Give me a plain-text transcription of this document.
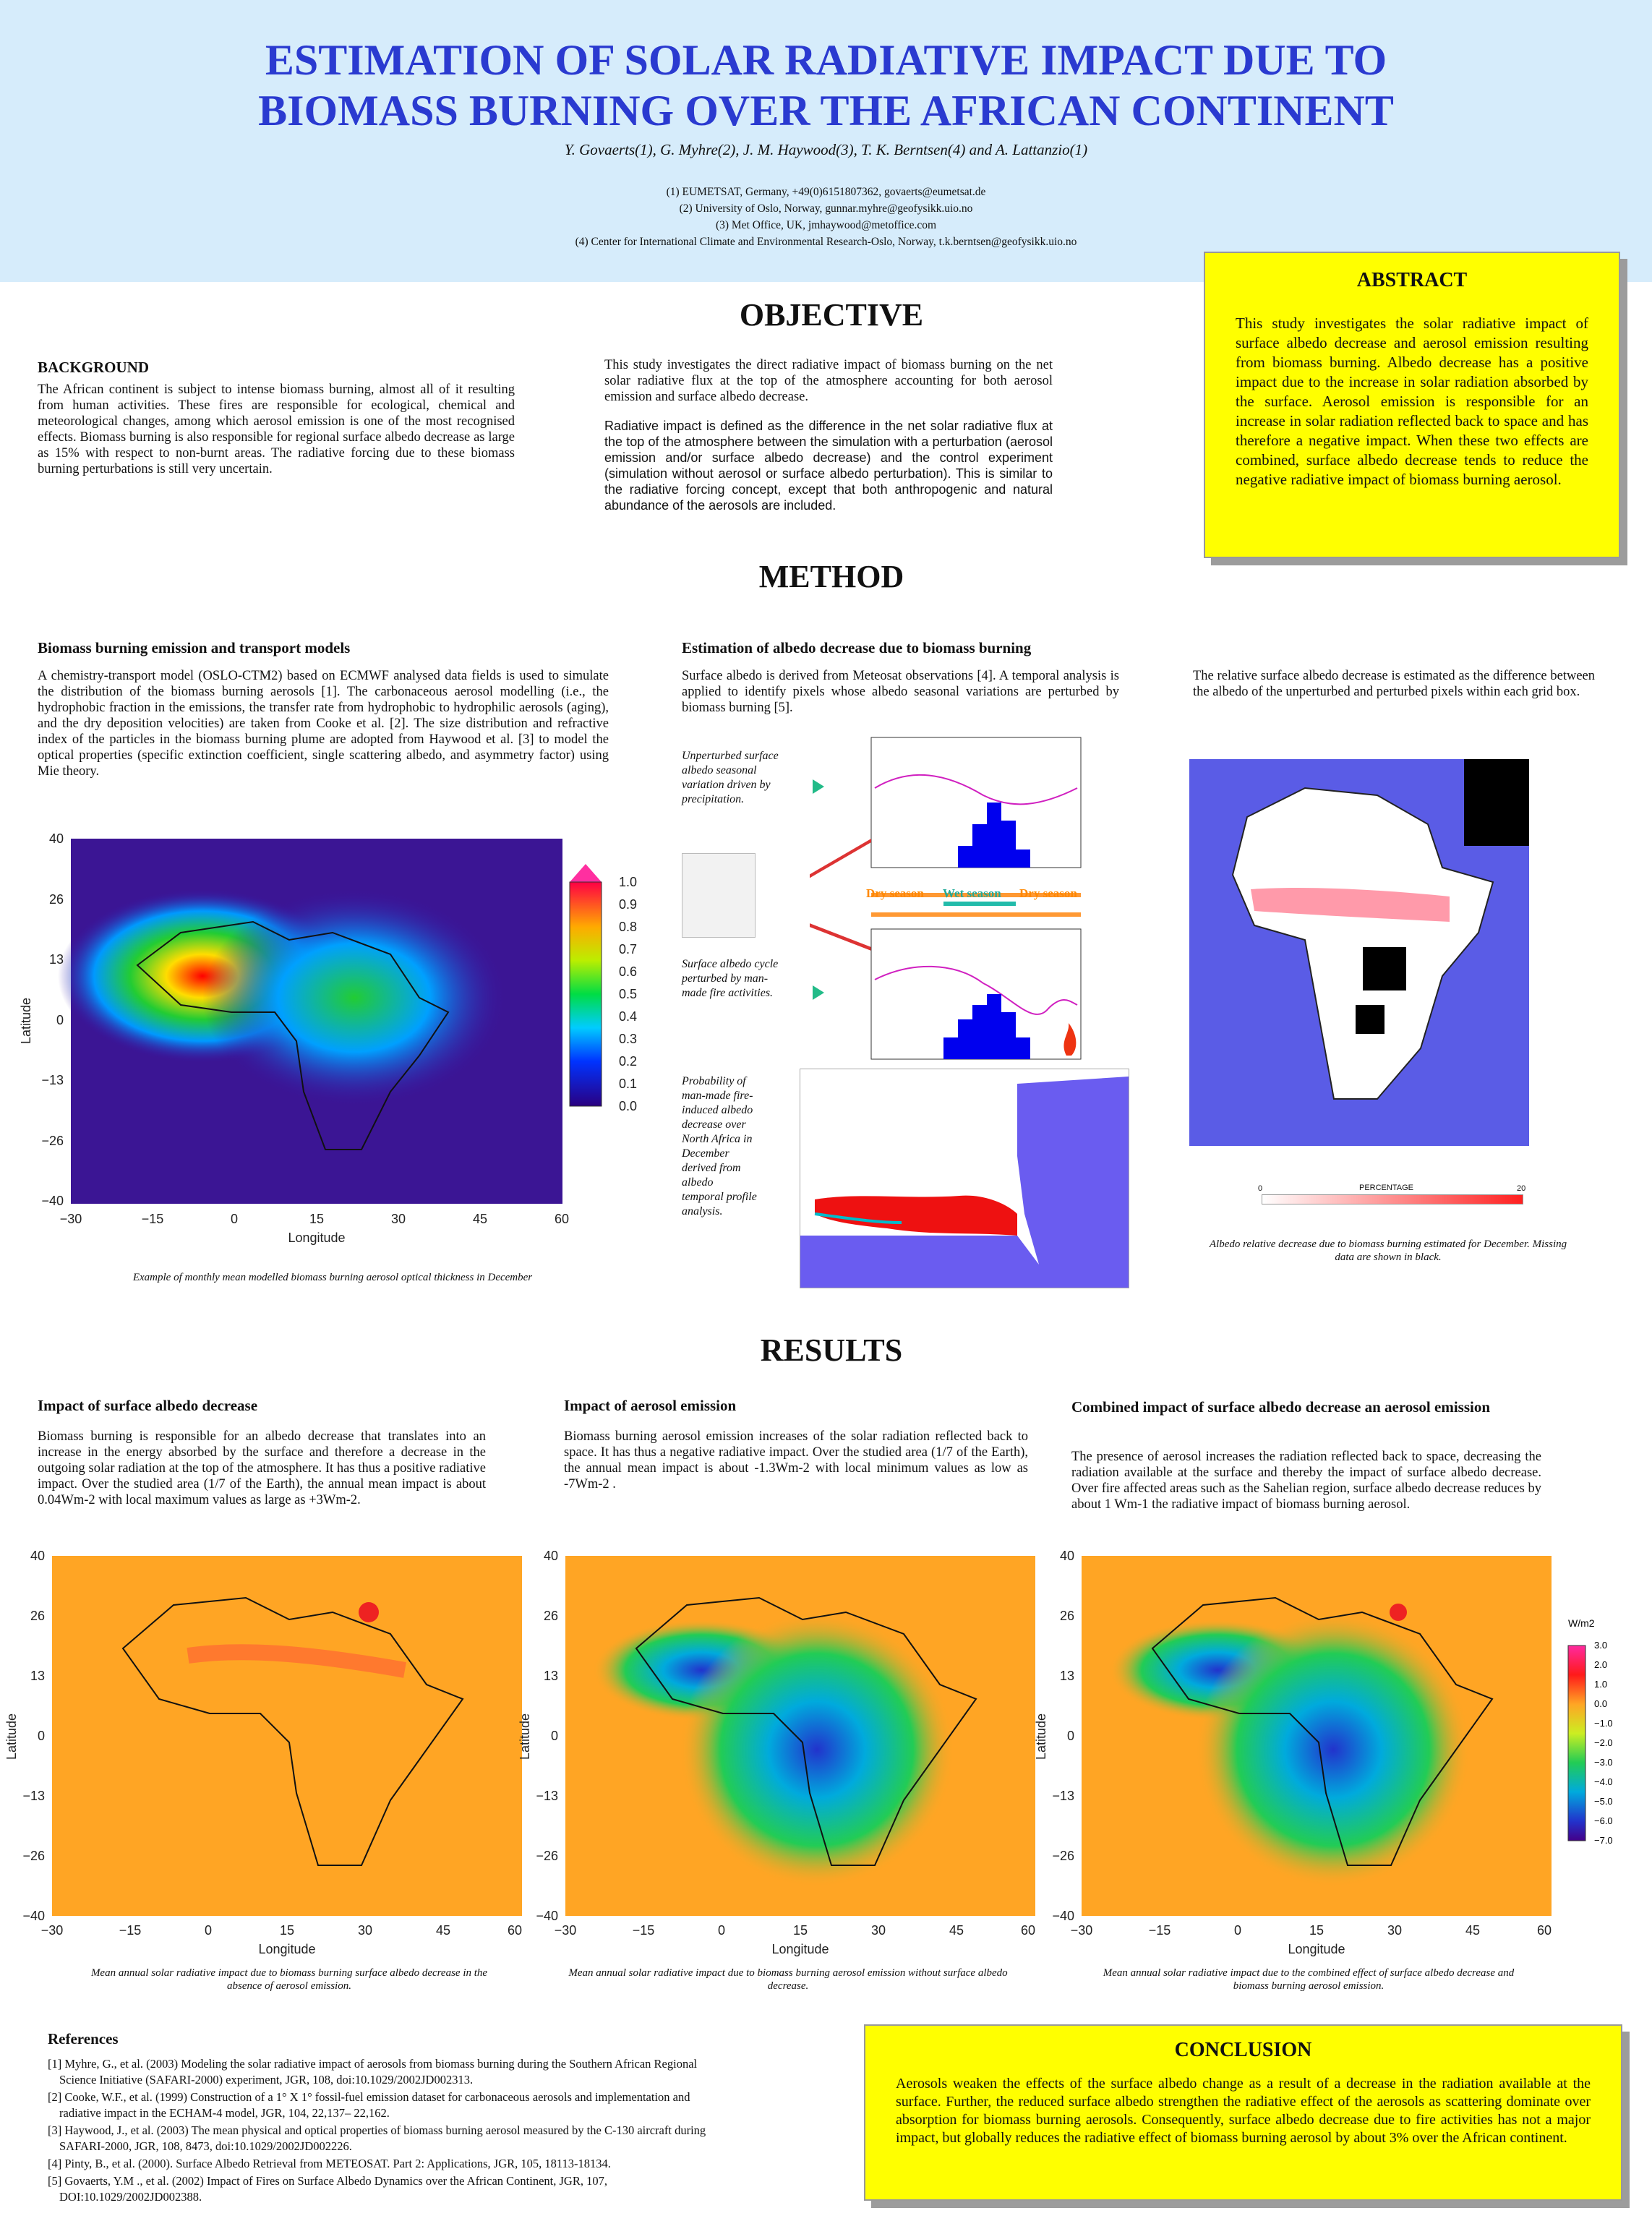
ESTIMATION OF SOLAR RADIATIVE IMPACT DUE TO
BIOMASS BURNING OVER THE AFRICAN CONTINENT
Y. Govaerts(1), G. Myhre(2), J. M. Haywood(3), T. K. Berntsen(4) and A. Lattanzio(1)
(1) EUMETSAT, Germany, +49(0)6151807362, govaerts@eumetsat.de
(2) University of Oslo, Norway, gunnar.myhre@geofysikk.uio.no
(3) Met Office, UK, jmhaywood@metoffice.com
(4) Center for International Climate and Environmental Research-Oslo, Norway, t.k.berntsen@geofysikk.uio.no
ABSTRACT
This study investigates the solar radiative impact of surface albedo decrease and aerosol emission resulting from biomass burning. Albedo decrease has a positive impact due to the increase in solar radiation absorbed by the surface. Aerosol emission is responsible for an increase in solar radiation reflected back to space and has therefore a negative impact. When these two effects are combined, surface albedo decrease tends to reduce the negative radiative impact of biomass burning aerosol.
OBJECTIVE
BACKGROUND
The African continent is subject to intense biomass burning, almost all of it resulting from human activities. These fires are responsible for ecological, chemical and meteorological changes, among which aerosol emission is one of the most recognised effects. Biomass burning is also responsible for regional surface albedo decrease as large as 15% with respect to non-burnt areas. The radiative forcing due to these biomass burning perturbations is still very uncertain.
This study investigates the direct radiative impact of biomass burning on the net solar radiative flux at the top of the atmosphere accounting for both aerosol emission and surface albedo decrease.
Radiative impact is defined as the difference in the net solar radiative flux at the top of the atmosphere between the simulation with a perturbation (aerosol emission and/or surface albedo decrease) and the control experiment (simulation without aerosol or surface albedo perturbation). This is similar to the radiative forcing concept, except that both anthropogenic and natural abundance of the aerosols are included.
METHOD
Biomass burning emission and transport models
A chemistry-transport model (OSLO-CTM2) based on ECMWF analysed data fields is used to simulate the distribution of the biomass burning aerosols [1]. The carbonaceous aerosol modelling (i.e., the hydrophobic fraction in the emissions, the transfer rate from hydrophobic to hydrophilic aerosols (aging), and the dry deposition velocities) are taken from Cooke et al. [2]. The size distribution and refractive index of the particles in the biomass burning plume are adopted from Haywood et al. [3] to model the optical properties (specific extinction coefficient, single scattering albedo, and asymmetry factor) using Mie theory.
40
26
13
0
−13
−26
−40
−30	−15	0	15	30	45	60
Longitude
Latitude
1.0
0.9
0.8
0.7
0.6
0.5
0.4
0.3
0.2
0.1
0.0
Example of monthly mean modelled biomass burning aerosol optical thickness in December
Estimation of albedo decrease due to biomass burning
Surface albedo is derived from Meteosat observations [4]. A temporal analysis is applied to identify pixels whose albedo seasonal variations are perturbed by biomass burning [5].
Unperturbed surface albedo seasonal variation driven by precipitation.
Surface albedo cycle perturbed by man-made fire activities.
Probability of man-made fire-induced albedo decrease over North Africa in December derived from albedo temporal profile analysis.
Dry season Wet season Dry season
The relative surface albedo decrease is estimated as the difference between the albedo of the unperturbed and perturbed pixels within each grid box.
0	PERCENTAGE	20
Albedo relative decrease due to biomass burning estimated for December. Missing data are shown in black.
RESULTS
Impact of surface albedo decrease
Biomass burning is responsible for an albedo decrease that translates into an increase in the energy absorbed by the surface and therefore a decrease in the outgoing solar radiation at the top of the atmosphere. It has thus a positive radiative impact. Over the studied area (1/7 of the Earth), the annual mean impact is about 0.04Wm-2 with local maximum values as large as +3Wm-2.
Impact of aerosol emission
Biomass burning aerosol emission increases of the solar radiation reflected back to space. It has thus a negative radiative impact. Over the studied area (1/7 of the Earth), the annual mean impact is about -1.3Wm-2 with local minimum values as low as -7Wm-2 .
Combined impact of surface albedo decrease an aerosol emission
The presence of aerosol increases the radiation reflected back to space, decreasing the radiation available at the surface and thereby the impact of surface albedo decrease. Over fire affected areas such as the Sahelian region, surface albedo decrease reduces by about 1 Wm-1 the radiative impact of biomass burning aerosol.
40
26
13
0
−13
−26
−40
−30	−15	0	15	30	45	60
Longitude
Latitude
Mean annual solar radiative impact due to biomass burning surface albedo decrease in the absence of aerosol emission.
40
26
13
0
−13
−26
−40
−30	−15	0	15	30	45	60
Longitude
Latitude
Mean annual solar radiative impact due to biomass burning aerosol emission without surface albedo decrease.
40
26
13
0
−13
−26
−40
−30	−15	0	15	30	45	60
Longitude
Latitude
Mean annual solar radiative impact due to the combined effect of surface albedo decrease and biomass burning aerosol emission.
W/m2
3.0
2.0
1.0
0.0
−1.0
−2.0
−3.0
−4.0
−5.0
−6.0
−7.0
References
[1] Myhre, G., et al. (2003) Modeling the solar radiative impact of aerosols from biomass burning during the Southern African Regional Science Initiative (SAFARI-2000) experiment, JGR, 108, doi:10.1029/2002JD002313.
[2] Cooke, W.F., et al. (1999) Construction of a 1° X 1° fossil-fuel emission dataset for carbonaceous aerosols and implementation and radiative impact in the ECHAM-4 model, JGR, 104, 22,137– 22,162.
[3] Haywood, J., et al. (2003) The mean physical and optical properties of biomass burning aerosol measured by the C-130 aircraft during SAFARI-2000, JGR, 108, 8473, doi:10.1029/2002JD002226.
[4] Pinty, B., et al. (2000). Surface Albedo Retrieval from METEOSAT. Part 2: Applications, JGR, 105, 18113-18134.
[5] Govaerts, Y.M ., et al. (2002) Impact of Fires on Surface Albedo Dynamics over the African Continent, JGR, 107, DOI:10.1029/2002JD002388.
CONCLUSION
Aerosols weaken the effects of the surface albedo change as a result of a decrease in the radiation available at the surface. Further, the reduced surface albedo strengthen the radiative effect of the aerosols as scattering dominate over absorption for biomass burning aerosols. Consequently, surface albedo decrease due to fire activities has not a major impact, but globally reduces the radiative effect of biomass burning aerosol by about 3% over the African continent.
